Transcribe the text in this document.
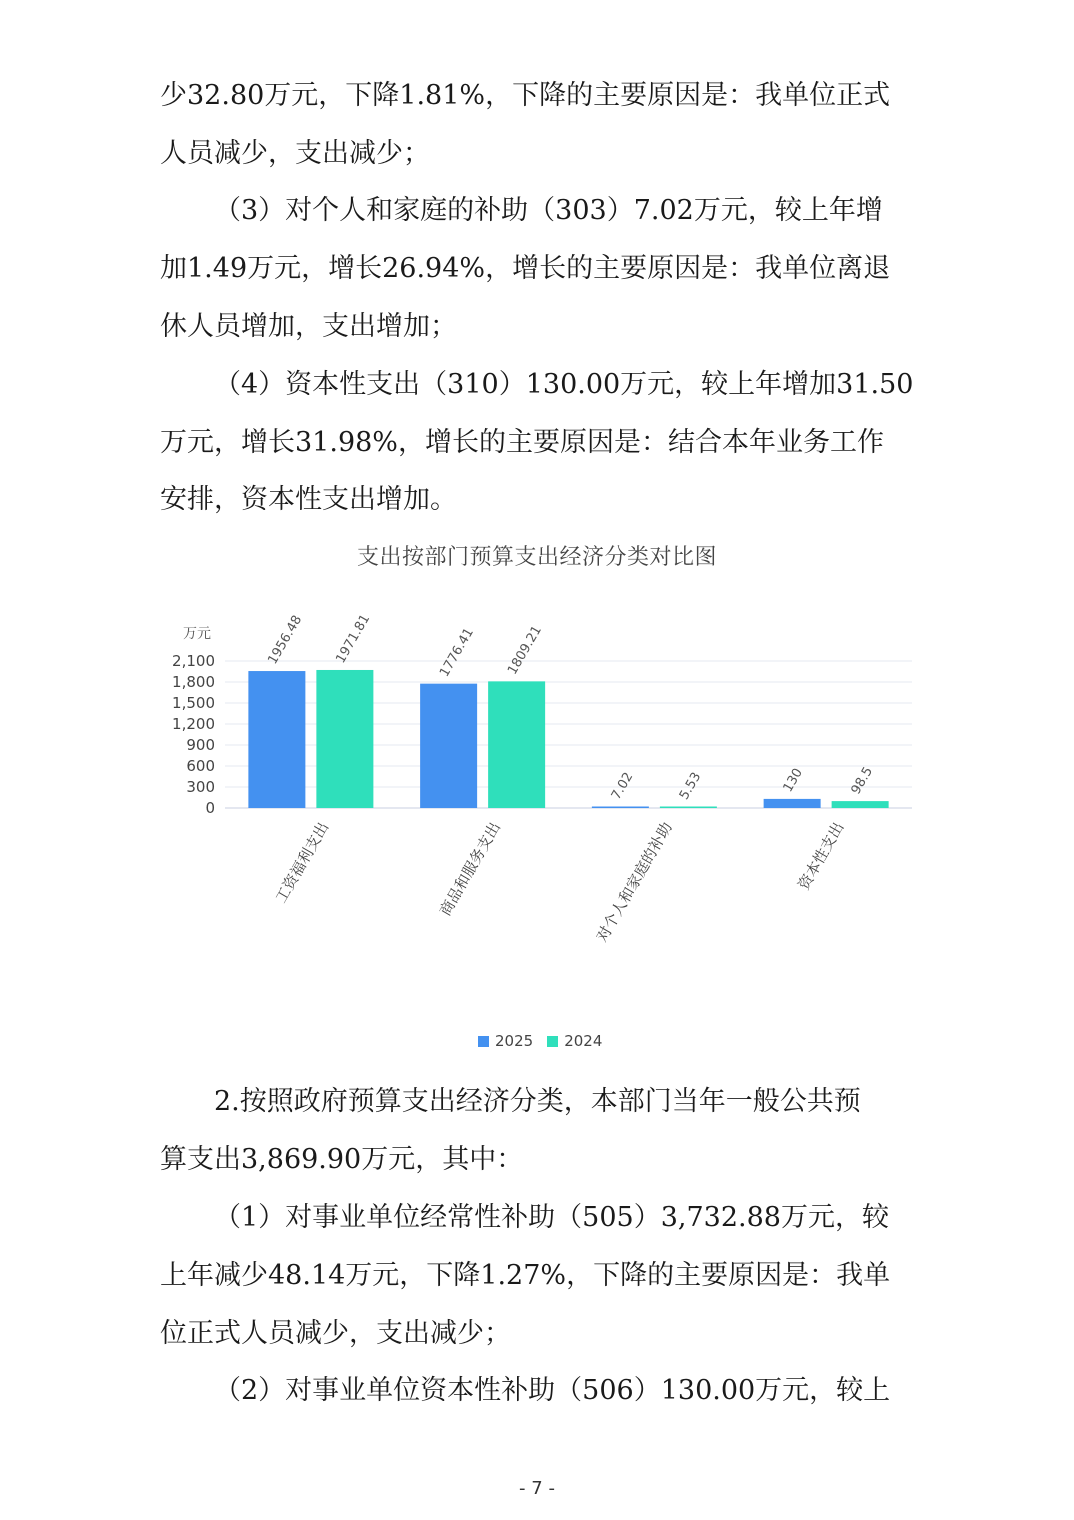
少32.80万元，下降1.81%，下降的主要原因是：我单位正式
人员减少，支出减少；
（3）对个人和家庭的补助（303）7.02万元，较上年增
加1.49万元，增长26.94%，增长的主要原因是：我单位离退
休人员增加，支出增加；
（4）资本性支出（310）130.00万元，较上年增加31.50
万元，增长31.98%，增长的主要原因是：结合本年业务工作
安排，资本性支出增加。
支出按部门预算支出经济分类对比图
万元
0
300
600
900
1,200
1,500
1,800
2,100	1956.48 1971.81
工资福利支出
1776.41 1809.21
商品和服务支出
7.02	5.53
对个人和家庭的补助
130	98.5
资本性支出
2025 2024
2.按照政府预算支出经济分类，本部门当年一般公共预
算支出3,869.90万元，其中：
（1）对事业单位经常性补助（505）3,732.88万元，较
上年减少48.14万元，下降1.27%，下降的主要原因是：我单
位正式人员减少，支出减少；
（2）对事业单位资本性补助（506）130.00万元，较上
- 7 -
